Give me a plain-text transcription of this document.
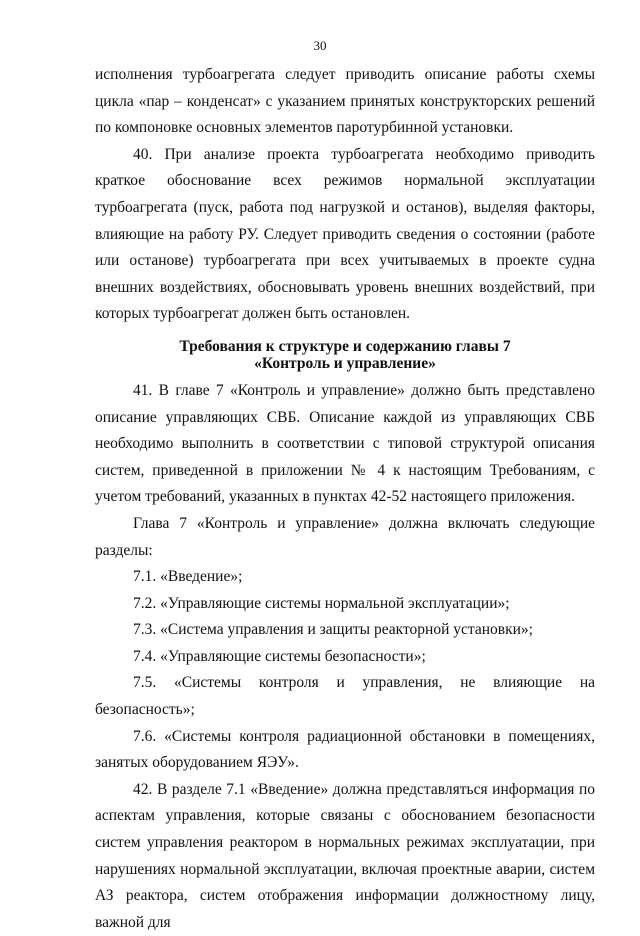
30

исполнения турбоагрегата следует приводить описание работы схемы цикла «пар – конденсат» с указанием принятых конструкторских решений по компоновке основных элементов паротурбинной установки.

40. При анализе проекта турбоагрегата необходимо приводить краткое обоснование всех режимов нормальной эксплуатации турбоагрегата (пуск, работа под нагрузкой и останов), выделяя факторы, влияющие на работу РУ. Следует приводить сведения о состоянии (работе или останове) турбоагрегата при всех учитываемых в проекте судна внешних воздействиях, обосновывать уровень внешних воздействий, при которых турбоагрегат должен быть остановлен.

Требования к структуре и содержанию главы 7
«Контроль и управление»

41. В главе 7 «Контроль и управление» должно быть представлено описание управляющих СВБ. Описание каждой из управляющих СВБ необходимо выполнить в соответствии с типовой структурой описания систем, приведенной в приложении № 4 к настоящим Требованиям, с учетом требований, указанных в пунктах 42-52 настоящего приложения.

Глава 7 «Контроль и управление» должна включать следующие разделы:

7.1. «Введение»;

7.2. «Управляющие системы нормальной эксплуатации»;

7.3. «Система управления и защиты реакторной установки»;

7.4. «Управляющие системы безопасности»;

7.5. «Системы контроля и управления, не влияющие на безопасность»;

7.6. «Системы контроля радиационной обстановки в помещениях, занятых оборудованием ЯЭУ».

42. В разделе 7.1 «Введение» должна представляться информация по аспектам управления, которые связаны с обоснованием безопасности систем управления реактором в нормальных режимах эксплуатации, при нарушениях нормальной эксплуатации, включая проектные аварии, систем АЗ реактора, систем отображения информации должностному лицу, важной для
